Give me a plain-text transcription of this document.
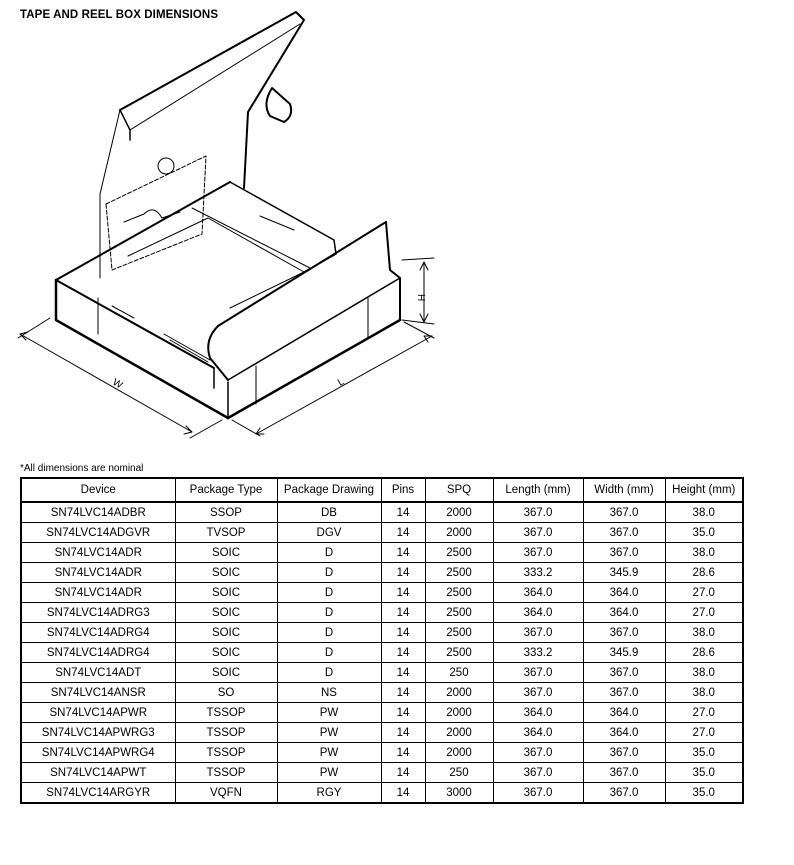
TAPE AND REEL BOX DIMENSIONS
W	L
H
*All dimensions are nominal
Device	Package Type	Package Drawing	Pins	SPQ	Length (mm)	Width (mm)	Height (mm)
SN74LVC14ADBR	SSOP	DB	14	2000	367.0	367.0	38.0
SN74LVC14ADGVR	TVSOP	DGV	14	2000	367.0	367.0	35.0
SN74LVC14ADR	SOIC	D	14	2500	367.0	367.0	38.0
SN74LVC14ADR	SOIC	D	14	2500	333.2	345.9	28.6
SN74LVC14ADR	SOIC	D	14	2500	364.0	364.0	27.0
SN74LVC14ADRG3	SOIC	D	14	2500	364.0	364.0	27.0
SN74LVC14ADRG4	SOIC	D	14	2500	367.0	367.0	38.0
SN74LVC14ADRG4	SOIC	D	14	2500	333.2	345.9	28.6
SN74LVC14ADT	SOIC	D	14	250	367.0	367.0	38.0
SN74LVC14ANSR	SO	NS	14	2000	367.0	367.0	38.0
SN74LVC14APWR	TSSOP	PW	14	2000	364.0	364.0	27.0
SN74LVC14APWRG3	TSSOP	PW	14	2000	364.0	364.0	27.0
SN74LVC14APWRG4	TSSOP	PW	14	2000	367.0	367.0	35.0
SN74LVC14APWT	TSSOP	PW	14	250	367.0	367.0	35.0
SN74LVC14ARGYR	VQFN	RGY	14	3000	367.0	367.0	35.0
